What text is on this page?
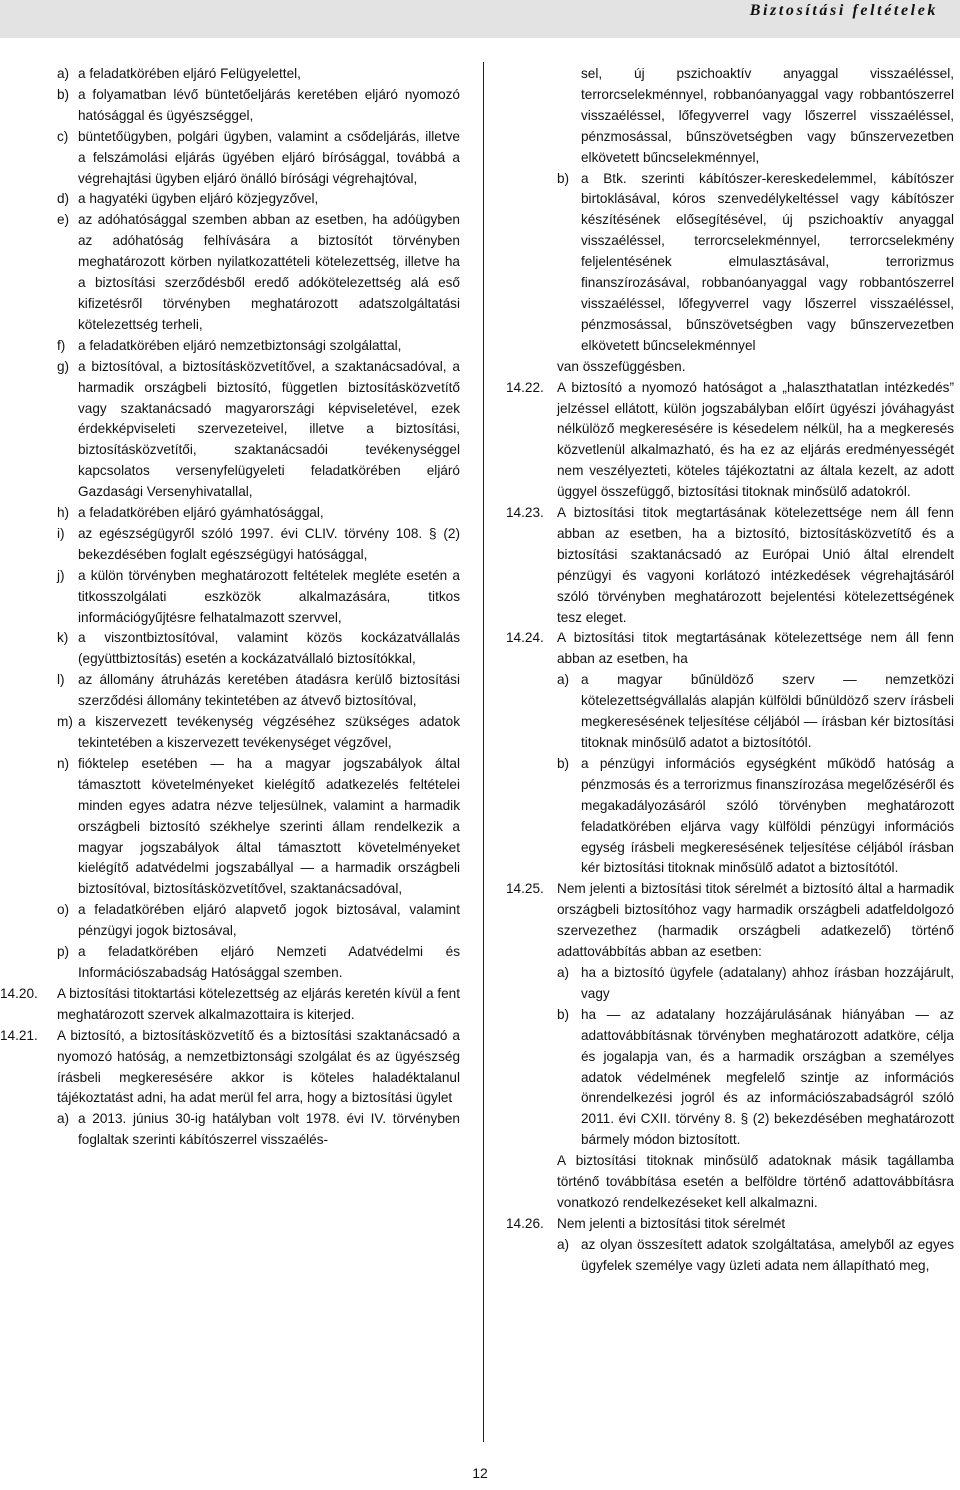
Biztosítási feltételek
a) a feladatkörében eljáró Felügyelettel,
b) a folyamatban lévő büntetőeljárás keretében eljáró nyomozó hatósággal és ügyészséggel,
c) büntetőügyben, polgári ügyben, valamint a csődeljárás, illetve a felszámolási eljárás ügyében eljáró bírósággal, továbbá a végrehajtási ügyben eljáró önálló bírósági végrehajtóval,
d) a hagyatéki ügyben eljáró közjegyzővel,
e) az adóhatósággal szemben abban az esetben, ha adóügyben az adóhatóság felhívására a biztosítót törvényben meghatározott körben nyilatkozattételi kötelezettség, illetve ha a biztosítási szerződésből eredő adókötelezettség alá eső kifizetésről törvényben meghatározott adatszolgáltatási kötelezettség terheli,
f) a feladatkörében eljáró nemzetbiztonsági szolgálattal,
g) a biztosítóval, a biztosításközvetítővel, a szaktanácsadóval, a harmadik országbeli biztosító, független biztosításközvetítő vagy szaktanácsadó magyarországi képviseletével, ezek érdekképviseleti szervezeteivel, illetve a biztosítási, biztosításközvetítői, szaktanácsadói tevékenységgel kapcsolatos versenyfelügyeleti feladatkörében eljáró Gazdasági Versenyhivatallal,
h) a feladatkörében eljáró gyámhatósággal,
i) az egészségügyről szóló 1997. évi CLIV. törvény 108. § (2) bekezdésében foglalt egészségügyi hatósággal,
j) a külön törvényben meghatározott feltételek megléte esetén a titkosszolgálati eszközök alkalmazására, titkos információgyűjtésre felhatalmazott szervvel,
k) a viszontbiztosítóval, valamint közös kockázatvállalás (együttbiztosítás) esetén a kockázatvállaló biztosítókkal,
l) az állomány átruházás keretében átadásra kerülő biztosítási szerződési állomány tekintetében az átvevő biztosítóval,
m) a kiszervezett tevékenység végzéséhez szükséges adatok tekintetében a kiszervezett tevékenységet végzővel,
n) fióktelep esetében — ha a magyar jogszabályok által támasztott követelményeket kielégítő adatkezelés feltételei minden egyes adatra nézve teljesülnek, valamint a harmadik országbeli biztosító székhelye szerinti állam rendelkezik a magyar jogszabályok által támasztott követelményeket kielégítő adatvédelmi jogszabállyal — a harmadik országbeli biztosítóval, biztosításközvetítővel, szaktanácsadóval,
o) a feladatkörében eljáró alapvető jogok biztosával, valamint pénzügyi jogok biztosával,
p) a feladatkörében eljáró Nemzeti Adatvédelmi és Információszabadság Hatósággal szemben.
14.20.	A biztosítási titoktartási kötelezettség az eljárás keretén kívül a fent meghatározott szervek alkalmazottaira is kiterjed.
14.21.	A biztosító, a biztosításközvetítő és a biztosítási szaktanácsadó a nyomozó hatóság, a nemzetbiztonsági szolgálat és az ügyészség írásbeli megkeresésére akkor is köteles haladéktalanul tájékoztatást adni, ha adat merül fel arra, hogy a biztosítási ügylet
a) a 2013. június 30-ig hatályban volt 1978. évi IV. törvényben foglaltak szerinti kábítószerrel visszaélés-
sel, új pszichoaktív anyaggal visszaéléssel, terrorcselekménnyel, robbanóanyaggal vagy robbantószerrel visszaéléssel, lőfegyverrel vagy lőszerrel visszaéléssel, pénzmosással, bűnszövetségben vagy bűnszervezetben elkövetett bűncselekménnyel,
b) a Btk. szerinti kábítószer-kereskedelemmel, kábítószer birtoklásával, kóros szenvedélykeltéssel vagy kábítószer készítésének elősegítésével, új pszichoaktív anyaggal visszaéléssel, terrorcselekménnyel, terrorcselekmény feljelentésének elmulasztásával, terrorizmus finanszírozásával, robbanóanyaggal vagy robbantószerrel visszaéléssel, lőfegyverrel vagy lőszerrel visszaéléssel, pénzmosással, bűnszövetségben vagy bűnszervezetben elkövetett bűncselekménnyel
van összefüggésben.
14.22. A biztosító a nyomozó hatóságot a „halaszthatatlan intézkedés” jelzéssel ellátott, külön jogszabályban előírt ügyészi jóváhagyást nélkülöző megkeresésére is késedelem nélkül, ha a megkeresés közvetlenül alkalmazható, és ha ez az eljárás eredményességét nem veszélyezteti, köteles tájékoztatni az általa kezelt, az adott üggyel összefüggő, biztosítási titoknak minősülő adatokról.
14.23. A biztosítási titok megtartásának kötelezettsége nem áll fenn abban az esetben, ha a biztosító, biztosításközvetítő és a biztosítási szaktanácsadó az Európai Unió által elrendelt pénzügyi és vagyoni korlátozó intézkedések végrehajtásáról szóló törvényben meghatározott bejelentési kötelezettségének tesz eleget.
14.24. A biztosítási titok megtartásának kötelezettsége nem áll fenn abban az esetben, ha
a) a magyar bűnüldöző szerv — nemzetközi kötelezettségvállalás alapján külföldi bűnüldöző szerv írásbeli megkeresésének teljesítése céljából — írásban kér biztosítási titoknak minősülő adatot a biztosítótól.
b) a pénzügyi információs egységként működő hatóság a pénzmosás és a terrorizmus finanszírozása megelőzéséről és megakadályozásáról szóló törvényben meghatározott feladatkörében eljárva vagy külföldi pénzügyi információs egység írásbeli megkeresésének teljesítése céljából írásban kér biztosítási titoknak minősülő adatot a biztosítótól.
14.25. Nem jelenti a biztosítási titok sérelmét a biztosító által a harmadik országbeli biztosítóhoz vagy harmadik országbeli adatfeldolgozó szervezethez (harmadik országbeli adatkezelő) történő adattovábbítás abban az esetben:
a) ha a biztosító ügyfele (adatalany) ahhoz írásban hozzájárult, vagy
b) ha — az adatalany hozzájárulásának hiányában — az adattovábbításnak törvényben meghatározott adatköre, célja és jogalapja van, és a harmadik országban a személyes adatok védelmének megfelelő szintje az információs önrendelkezési jogról és az információszabadságról szóló 2011. évi CXII. törvény 8. § (2) bekezdésében meghatározott bármely módon biztosított.
A biztosítási titoknak minősülő adatoknak másik tagállamba történő továbbítása esetén a belföldre történő adattovábbításra vonatkozó rendelkezéseket kell alkalmazni.
14.26. Nem jelenti a biztosítási titok sérelmét
a) az olyan összesített adatok szolgáltatása, amelyből az egyes ügyfelek személye vagy üzleti adata nem állapítható meg,
12
